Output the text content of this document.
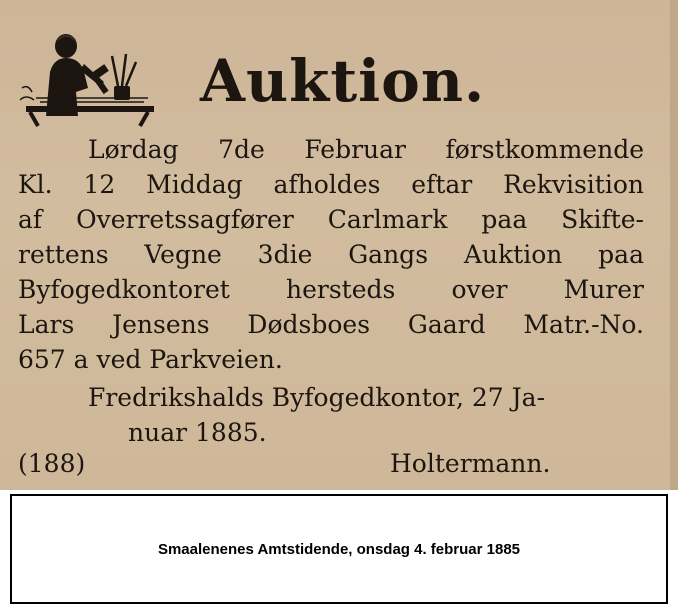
Auktion.
Lørdag 7de Februar førstkommende
Kl. 12 Middag afholdes eftar Rekvisition
af Overretssagfører Carlmark paa Skifte-
rettens Vegne 3die Gangs Auktion paa
Byfogedkontoret hersteds over Murer
Lars Jensens Dødsboes Gaard Matr.-No.
657 a ved Parkveien.
Fredrikshalds Byfogedkontor, 27 Ja-
nuar 1885.
(188)	Holtermann.
Smaalenenes Amtstidende, onsdag 4. februar 1885
